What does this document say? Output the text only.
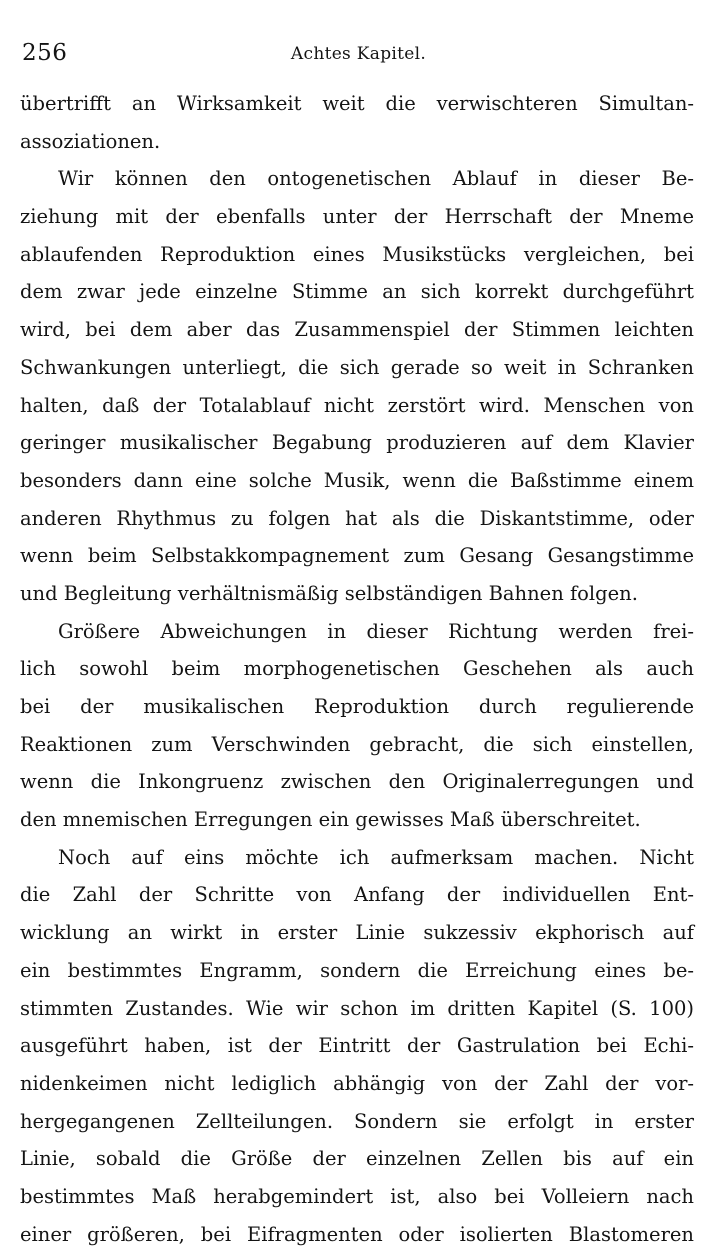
256	Achtes Kapitel.
übertrifft an Wirksamkeit weit die verwischteren Simultan-
assoziationen.
Wir können den ontogenetischen Ablauf in dieser Be-
ziehung mit der ebenfalls unter der Herrschaft der Mneme
ablaufenden Reproduktion eines Musikstücks vergleichen, bei
dem zwar jede einzelne Stimme an sich korrekt durchgeführt
wird, bei dem aber das Zusammenspiel der Stimmen leichten
Schwankungen unterliegt, die sich gerade so weit in Schranken
halten, daß der Totalablauf nicht zerstört wird. Menschen von
geringer musikalischer Begabung produzieren auf dem Klavier
besonders dann eine solche Musik, wenn die Baßstimme einem
anderen Rhythmus zu folgen hat als die Diskantstimme, oder
wenn beim Selbstakkompagnement zum Gesang Gesangstimme
und Begleitung verhältnismäßig selbständigen Bahnen folgen.
Größere Abweichungen in dieser Richtung werden frei-
lich sowohl beim morphogenetischen Geschehen als auch
bei der musikalischen Reproduktion durch regulierende
Reaktionen zum Verschwinden gebracht, die sich einstellen,
wenn die Inkongruenz zwischen den Originalerregungen und
den mnemischen Erregungen ein gewisses Maß überschreitet.
Noch auf eins möchte ich aufmerksam machen. Nicht
die Zahl der Schritte von Anfang der individuellen Ent-
wicklung an wirkt in erster Linie sukzessiv ekphorisch auf
ein bestimmtes Engramm, sondern die Erreichung eines be-
stimmten Zustandes. Wie wir schon im dritten Kapitel (S. 100)
ausgeführt haben, ist der Eintritt der Gastrulation bei Echi-
nidenkeimen nicht lediglich abhängig von der Zahl der vor-
hergegangenen Zellteilungen. Sondern sie erfolgt in erster
Linie, sobald die Größe der einzelnen Zellen bis auf ein
bestimmtes Maß herabgemindert ist, also bei Volleiern nach
einer größeren, bei Eifragmenten oder isolierten Blastomeren
